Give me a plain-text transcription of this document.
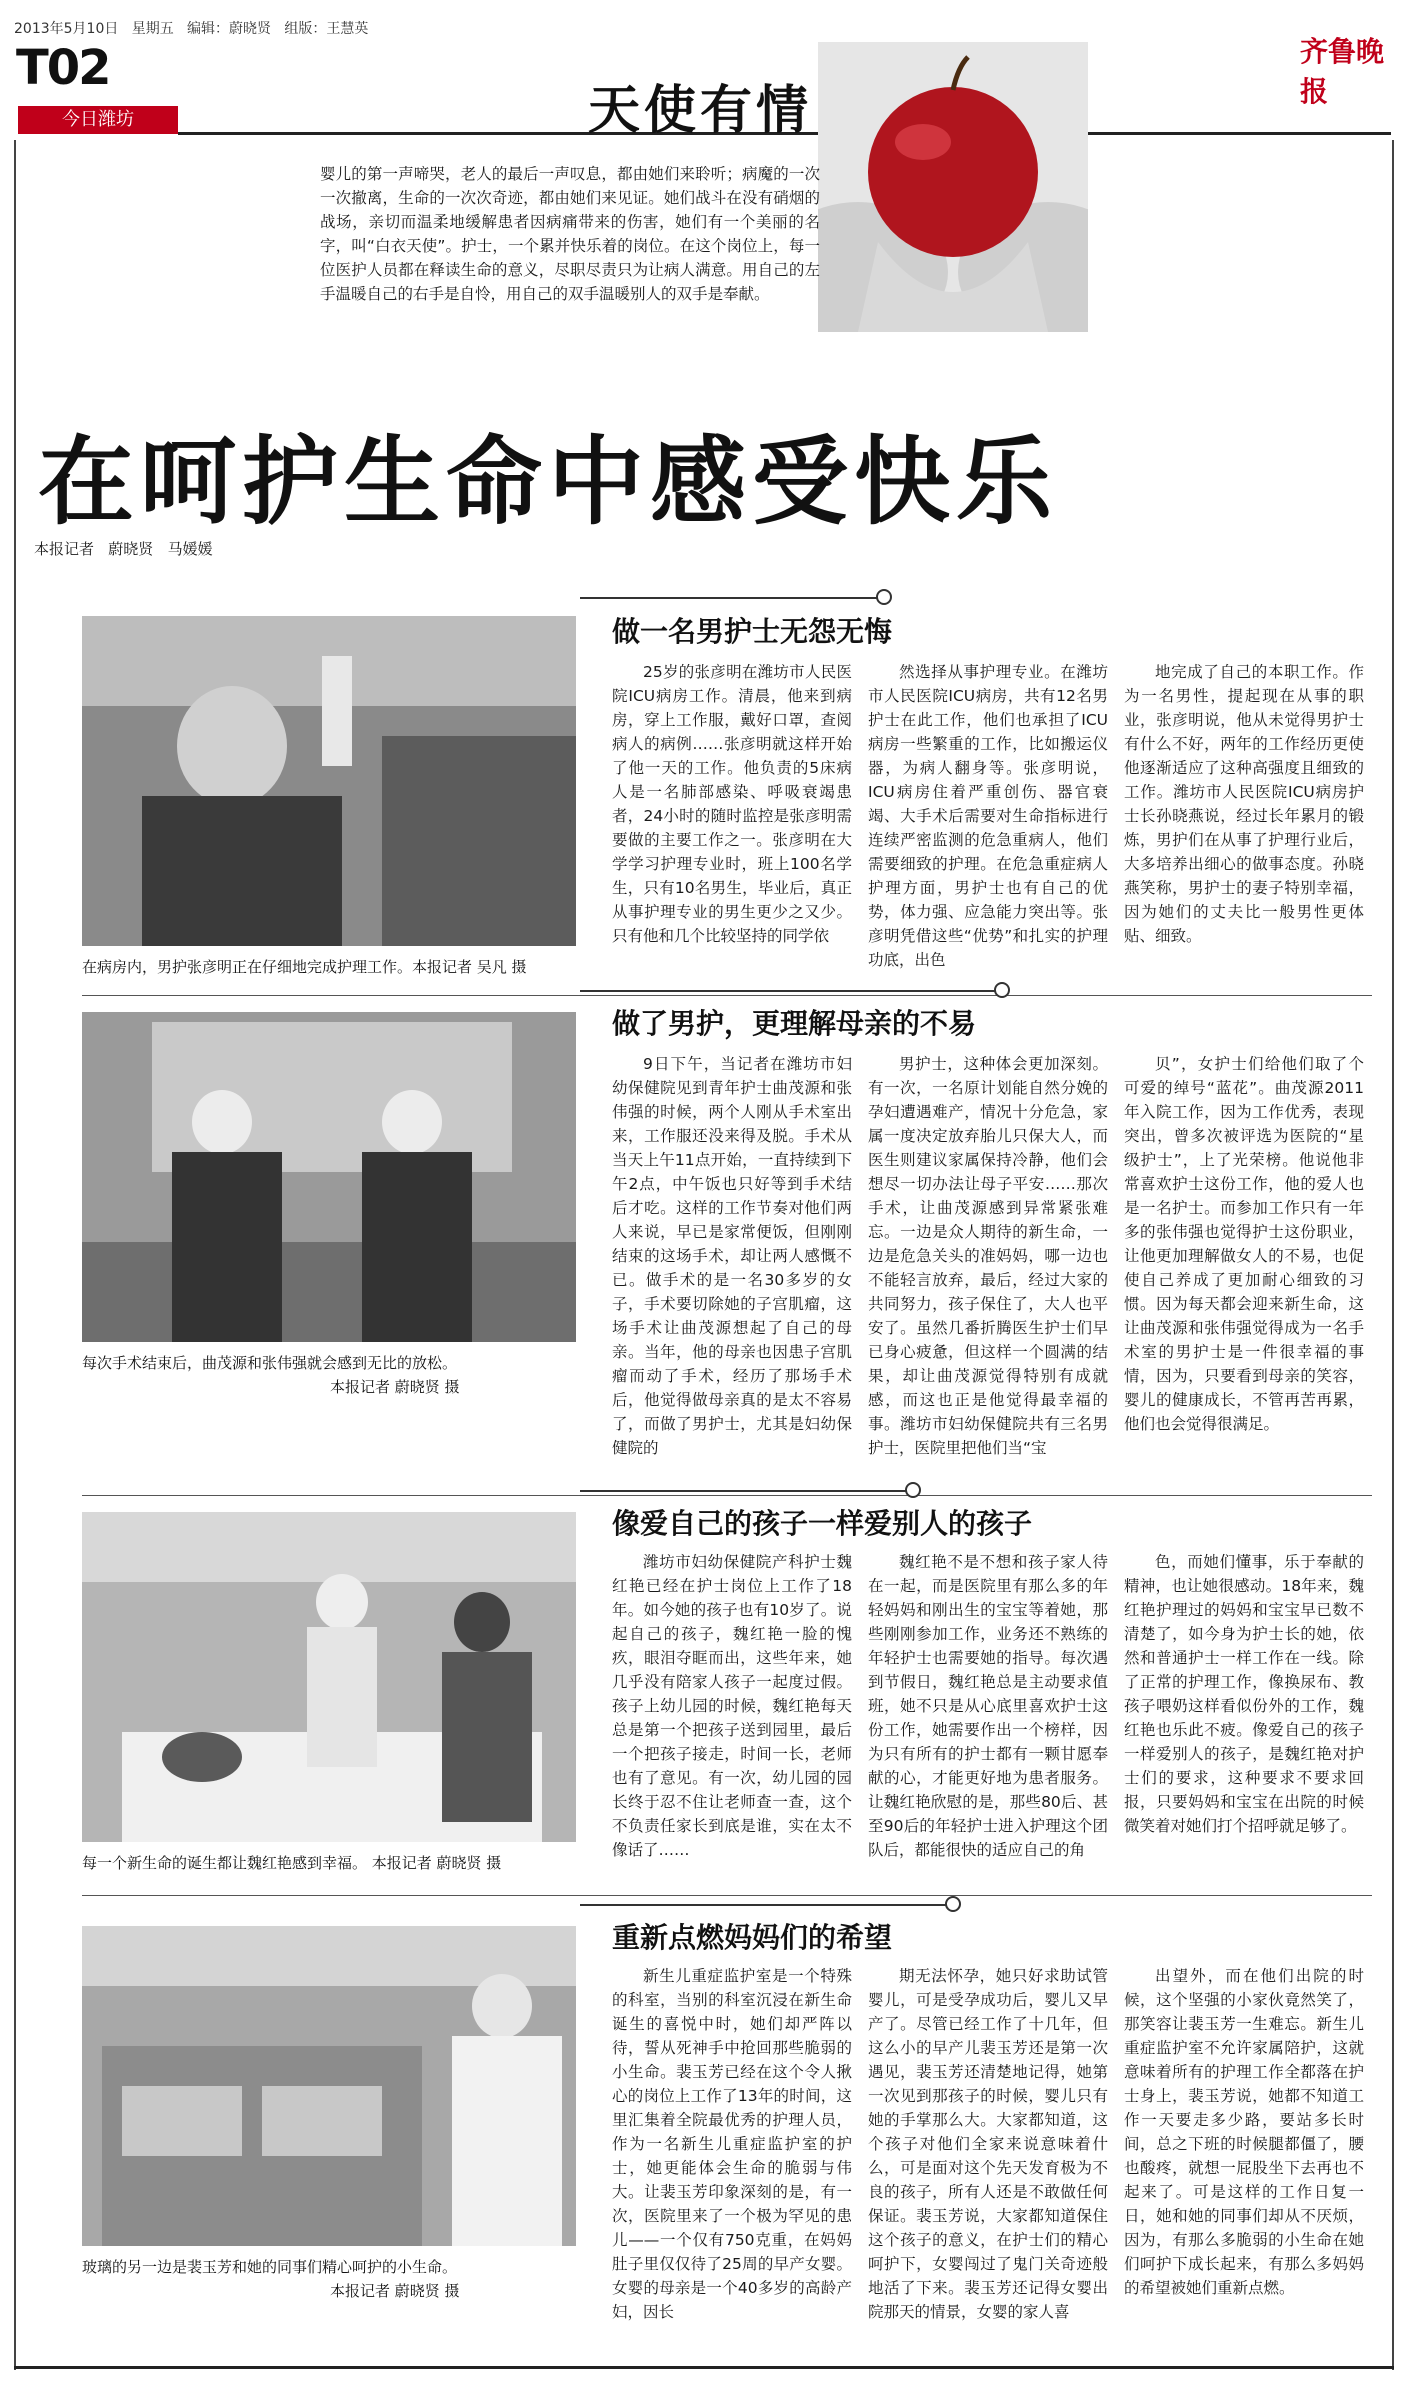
2013年5月10日   星期五   编辑：蔚晓贤   组版：王慧英
T02	齐鲁晚报
今日潍坊	天使有情
婴儿的第一声啼哭，老人的最后一声叹息，都由她们来聆听；病魔的一次一次撤离，生命的一次次奇迹，都由她们来见证。她们战斗在没有硝烟的战场，亲切而温柔地缓解患者因病痛带来的伤害，她们有一个美丽的名字，叫“白衣天使”。护士，一个累并快乐着的岗位。在这个岗位上，每一位医护人员都在释读生命的意义，尽职尽责只为让病人满意。用自己的左手温暖自己的右手是自怜，用自己的双手温暖别人的双手是奉献。
在呵护生命中感受快乐
本报记者   蔚晓贤   马媛媛
做一名男护士无怨无悔
在病房内，男护张彦明正在仔细地完成护理工作。本报记者 吴凡 摄

25岁的张彦明在潍坊市人民医院ICU病房工作。清晨，他来到病房，穿上工作服，戴好口罩，查阅病人的病例……张彦明就这样开始了他一天的工作。他负责的5床病人是一名肺部感染、呼吸衰竭患者，24小时的随时监控是张彦明需要做的主要工作之一。张彦明在大学学习护理专业时，班上100名学生，只有10名男生，毕业后，真正从事护理专业的男生更少之又少。只有他和几个比较坚持的同学依

然选择从事护理专业。在潍坊市人民医院ICU病房，共有12名男护士在此工作，他们也承担了ICU病房一些繁重的工作，比如搬运仪器，为病人翻身等。张彦明说，ICU病房住着严重创伤、器官衰竭、大手术后需要对生命指标进行连续严密监测的危急重病人，他们需要细致的护理。在危急重症病人护理方面，男护士也有自己的优势，体力强、应急能力突出等。张彦明凭借这些“优势”和扎实的护理功底，出色

地完成了自己的本职工作。作为一名男性，提起现在从事的职业，张彦明说，他从未觉得男护士有什么不好，两年的工作经历更使他逐渐适应了这种高强度且细致的工作。潍坊市人民医院ICU病房护士长孙晓燕说，经过长年累月的锻炼，男护们在从事了护理行业后，大多培养出细心的做事态度。孙晓燕笑称，男护士的妻子特别幸福，因为她们的丈夫比一般男性更体贴、细致。

做了男护，更理解母亲的不易
每次手术结束后，曲茂源和张伟强就会感到无比的放松。
本报记者 蔚晓贤 摄

9日下午，当记者在潍坊市妇幼保健院见到青年护士曲茂源和张伟强的时候，两个人刚从手术室出来，工作服还没来得及脱。手术从当天上午11点开始，一直持续到下午2点，中午饭也只好等到手术结后才吃。这样的工作节奏对他们两人来说，早已是家常便饭，但刚刚结束的这场手术，却让两人感慨不已。做手术的是一名30多岁的女子，手术要切除她的子宫肌瘤，这场手术让曲茂源想起了自己的母亲。当年，他的母亲也因患子宫肌瘤而动了手术，经历了那场手术后，他觉得做母亲真的是太不容易了，而做了男护士，尤其是妇幼保健院的

男护士，这种体会更加深刻。有一次，一名原计划能自然分娩的孕妇遭遇难产，情况十分危急，家属一度决定放弃胎儿只保大人，而医生则建议家属保持冷静，他们会想尽一切办法让母子平安……那次手术，让曲茂源感到异常紧张难忘。一边是众人期待的新生命，一边是危急关头的准妈妈，哪一边也不能轻言放弃，最后，经过大家的共同努力，孩子保住了，大人也平安了。虽然几番折腾医生护士们早已身心疲惫，但这样一个圆满的结果，却让曲茂源觉得特别有成就感，而这也正是他觉得最幸福的事。潍坊市妇幼保健院共有三名男护士，医院里把他们当“宝

贝”，女护士们给他们取了个可爱的绰号“蓝花”。曲茂源2011年入院工作，因为工作优秀，表现突出，曾多次被评选为医院的“星级护士”，上了光荣榜。他说他非常喜欢护士这份工作，他的爱人也是一名护士。而参加工作只有一年多的张伟强也觉得护士这份职业，让他更加理解做女人的不易，也促使自己养成了更加耐心细致的习惯。因为每天都会迎来新生命，这让曲茂源和张伟强觉得成为一名手术室的男护士是一件很幸福的事情，因为，只要看到母亲的笑容，婴儿的健康成长，不管再苦再累，他们也会觉得很满足。

像爱自己的孩子一样爱别人的孩子
每一个新生命的诞生都让魏红艳感到幸福。 本报记者 蔚晓贤 摄

潍坊市妇幼保健院产科护士魏红艳已经在护士岗位上工作了18年。如今她的孩子也有10岁了。说起自己的孩子，魏红艳一脸的愧疚，眼泪夺眶而出，这些年来，她几乎没有陪家人孩子一起度过假。孩子上幼儿园的时候，魏红艳每天总是第一个把孩子送到园里，最后一个把孩子接走，时间一长，老师也有了意见。有一次，幼儿园的园长终于忍不住让老师查一查，这个不负责任家长到底是谁，实在太不像话了……

魏红艳不是不想和孩子家人待在一起，而是医院里有那么多的年轻妈妈和刚出生的宝宝等着她，那些刚刚参加工作，业务还不熟练的年轻护士也需要她的指导。每次遇到节假日，魏红艳总是主动要求值班，她不只是从心底里喜欢护士这份工作，她需要作出一个榜样，因为只有所有的护士都有一颗甘愿奉献的心，才能更好地为患者服务。让魏红艳欣慰的是，那些80后、甚至90后的年轻护士进入护理这个团队后，都能很快的适应自己的角

色，而她们懂事，乐于奉献的精神，也让她很感动。18年来，魏红艳护理过的妈妈和宝宝早已数不清楚了，如今身为护士长的她，依然和普通护士一样工作在一线。除了正常的护理工作，像换尿布、教孩子喂奶这样看似份外的工作，魏红艳也乐此不疲。像爱自己的孩子一样爱别人的孩子，是魏红艳对护士们的要求，这种要求不要求回报，只要妈妈和宝宝在出院的时候微笑着对她们打个招呼就足够了。

重新点燃妈妈们的希望
玻璃的另一边是裴玉芳和她的同事们精心呵护的小生命。
本报记者 蔚晓贤 摄

新生儿重症监护室是一个特殊的科室，当别的科室沉浸在新生命诞生的喜悦中时，她们却严阵以待，誓从死神手中抢回那些脆弱的小生命。裴玉芳已经在这个令人揪心的岗位上工作了13年的时间，这里汇集着全院最优秀的护理人员，作为一名新生儿重症监护室的护士，她更能体会生命的脆弱与伟大。让裴玉芳印象深刻的是，有一次，医院里来了一个极为罕见的患儿——一个仅有750克重，在妈妈肚子里仅仅待了25周的早产女婴。女婴的母亲是一个40多岁的高龄产妇，因长

期无法怀孕，她只好求助试管婴儿，可是受孕成功后，婴儿又早产了。尽管已经工作了十几年，但这么小的早产儿裴玉芳还是第一次遇见，裴玉芳还清楚地记得，她第一次见到那孩子的时候，婴儿只有她的手掌那么大。大家都知道，这个孩子对他们全家来说意味着什么，可是面对这个先天发育极为不良的孩子，所有人还是不敢做任何保证。裴玉芳说，大家都知道保住这个孩子的意义，在护士们的精心呵护下，女婴闯过了鬼门关奇迹般地活了下来。裴玉芳还记得女婴出院那天的情景，女婴的家人喜

出望外，而在他们出院的时候，这个坚强的小家伙竟然笑了，那笑容让裴玉芳一生难忘。新生儿重症监护室不允许家属陪护，这就意味着所有的护理工作全都落在护士身上，裴玉芳说，她都不知道工作一天要走多少路，要站多长时间，总之下班的时候腿都僵了，腰也酸疼，就想一屁股坐下去再也不起来了。可是这样的工作日复一日，她和她的同事们却从不厌烦，因为，有那么多脆弱的小生命在她们呵护下成长起来，有那么多妈妈的希望被她们重新点燃。
